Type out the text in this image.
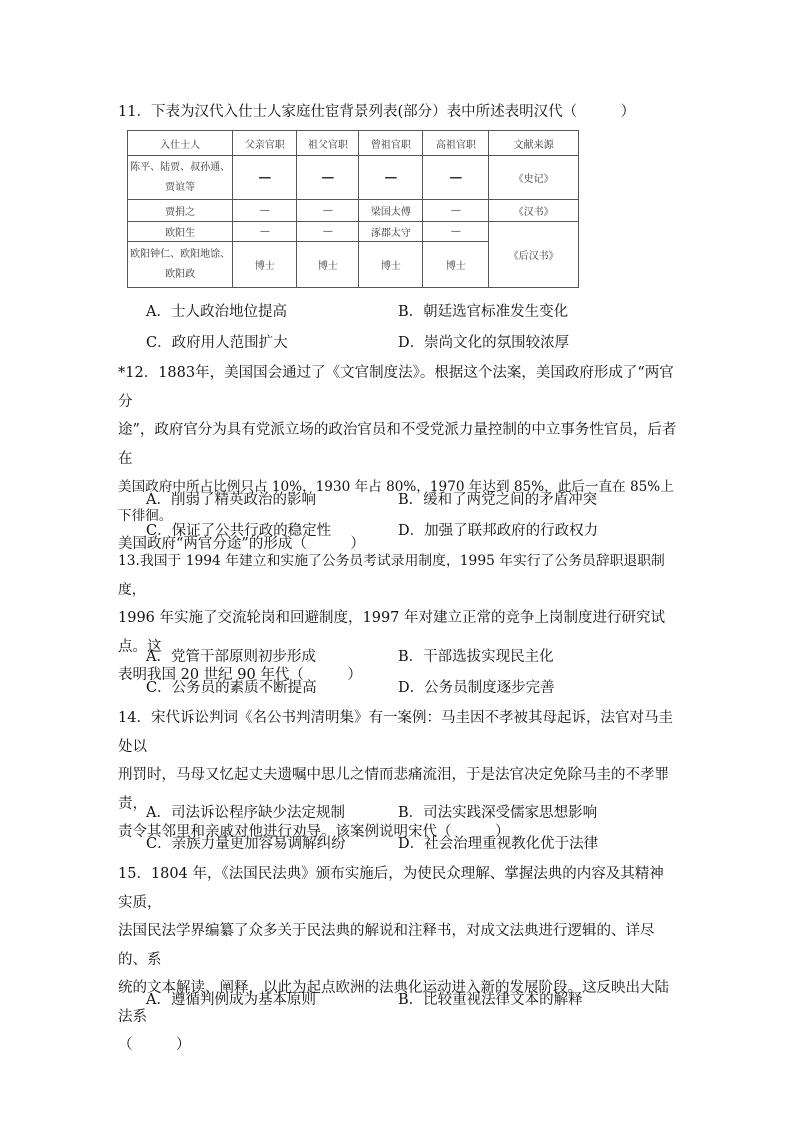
11．下表为汉代入仕士人家庭仕宦背景列表(部分）表中所述表明汉代（　　　）
入仕士人	父亲官职	祖父官职	曾祖官职	高祖官职	文献来源
陈平、陆贾、叔孙通、贾谊等	—	—	—	—	《史记》
贾捐之	—	—	梁国太傅	—	《汉书》
欧阳生	—	—	涿郡太守	—	《后汉书》
欧阳钟仁、欧阳地馀、欧阳政	博士	博士	博士	博士	
A．士人政治地位提高	B．朝廷选官标准发生变化
C．政府用人范围扩大	D．崇尚文化的氛围较浓厚
*12．1883年，美国国会通过了《文官制度法》。根据这个法案，美国政府形成了“两官分
途”，政府官分为具有党派立场的政治官员和不受党派力量控制的中立事务性官员，后者在
美国政府中所占比例只占 10%，1930 年占 80%，1970 年达到 85%，此后一直在 85%上下徘徊。
美国政府“两官分途”的形成（　　　）
A．削弱了精英政治的影响	B．缓和了两党之间的矛盾冲突
C．保证了公共行政的稳定性	D．加强了联邦政府的行政权力
13.我国于 1994 年建立和实施了公务员考试录用制度，1995 年实行了公务员辞职退职制度，
1996 年实施了交流轮岗和回避制度，1997 年对建立正常的竞争上岗制度进行研究试点。这
表明我国 20 世纪 90 年代（　　　）
A．党管干部原则初步形成	B．干部选拔实现民主化
C．公务员的素质不断提高	D．公务员制度逐步完善
14．宋代诉讼判词《名公书判清明集》有一案例：马圭因不孝被其母起诉，法官对马圭处以
刑罚时，马母又忆起丈夫遗嘱中思儿之情而悲痛流泪，于是法官决定免除马圭的不孝罪责，
责令其邻里和亲戚对他进行劝导。该案例说明宋代（　　　）
A．司法诉讼程序缺少法定规制	B．司法实践深受儒家思想影响
C．亲族力量更加容易调解纠纷	D．社会治理重视教化优于法律
15．1804 年，《法国民法典》颁布实施后，为使民众理解、掌握法典的内容及其精神实质，
法国民法学界编纂了众多关于民法典的解说和注释书，对成文法典进行逻辑的、详尽的、系
统的文本解读、阐释，以此为起点欧洲的法典化运动进入新的发展阶段。这反映出大陆法系
（　　　）
A．遵循判例成为基本原则	B．比较重视法律文本的解释
